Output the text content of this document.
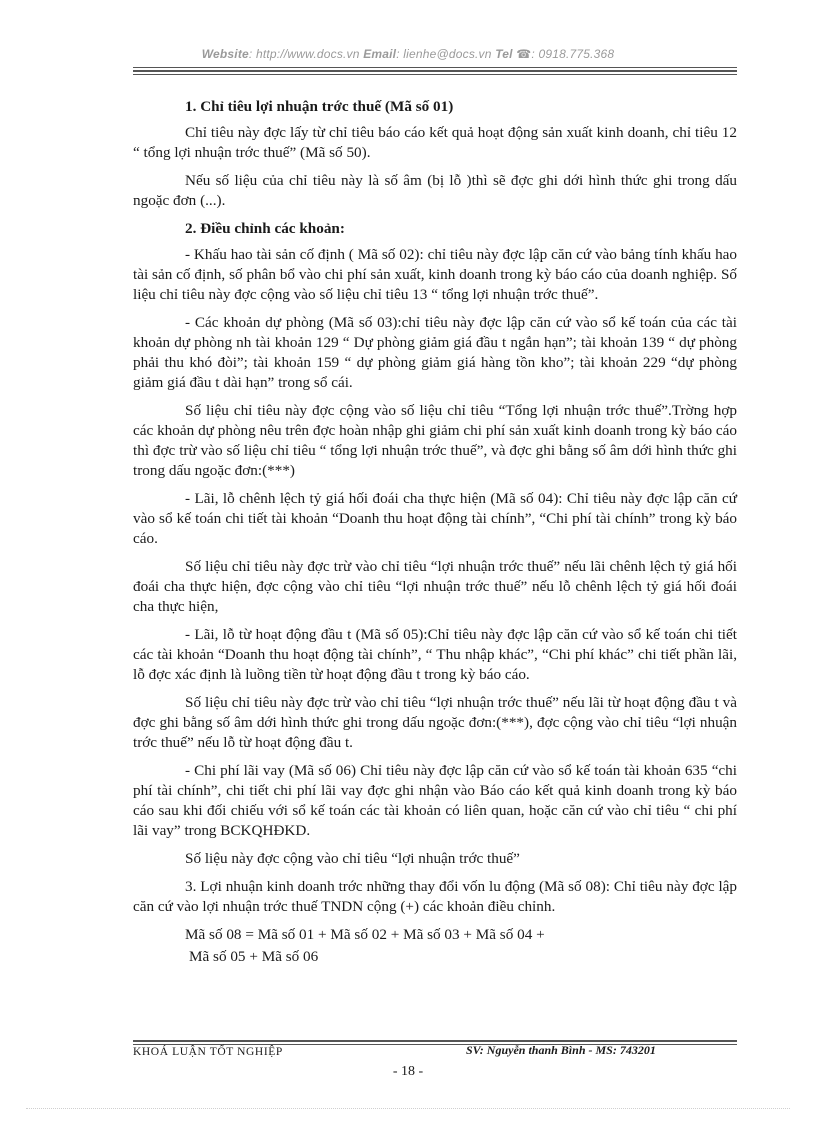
Website: http://www.docs.vn Email: lienhe@docs.vn Tel ☎: 0918.775.368

1. Chỉ tiêu lợi nhuận trớc thuế (Mã số 01)

Chỉ tiêu này đợc lấy từ chỉ tiêu báo cáo kết quả hoạt động sản xuất kinh doanh, chỉ tiêu 12 “ tổng lợi nhuận trớc thuế” (Mã số 50).

Nếu số liệu của chỉ tiêu này là số âm (bị lỗ )thì sẽ đợc ghi dới hình thức ghi trong dấu ngoặc đơn (...).

2. Điều chỉnh các khoản:

- Khấu hao tài sản cố định ( Mã số 02): chỉ tiêu này đợc lập căn cứ vào bảng tính khấu hao tài sản cố định, số phân bổ vào chi phí sản xuất, kinh doanh trong kỳ báo cáo của doanh nghiệp. Số liệu chỉ tiêu này đợc cộng vào số liệu chỉ tiêu 13 “ tổng lợi nhuận trớc thuế”.

- Các khoản dự phòng (Mã số 03):chỉ tiêu này đợc lập căn cứ vào sổ kế toán của các tài khoản dự phòng nh tài khoản 129 “ Dự phòng giảm giá đầu t ngắn hạn”; tài khoản 139 “ dự phòng phải thu khó đòi”; tài khoản 159 “ dự phòng giảm giá hàng tồn kho”; tài khoản 229 “dự phòng giảm giá đầu t dài hạn” trong sổ cái.

Số liệu chỉ tiêu này đợc cộng vào số liệu chỉ tiêu “Tổng lợi nhuận trớc thuế”.Trờng hợp các khoản dự phòng nêu trên đợc hoàn nhập ghi giảm chi phí sản xuất kinh doanh trong kỳ báo cáo thì đợc trừ vào số liệu chỉ tiêu “ tổng lợi nhuận trớc thuế”, và đợc ghi bằng số âm dới hình thức ghi trong dấu ngoặc đơn:(***)

- Lãi, lỗ chênh lệch tỷ giá hối đoái cha thực hiện (Mã số 04): Chỉ tiêu này đợc lập căn cứ vào sổ kế toán chi tiết tài khoản “Doanh thu hoạt động tài chính”, “Chi phí tài chính” trong kỳ báo cáo.

Số liệu chỉ tiêu này đợc trừ vào chỉ tiêu “lợi nhuận trớc thuế” nếu lãi chênh lệch tỷ giá hối đoái cha thực hiện, đợc cộng vào chỉ tiêu “lợi nhuận trớc thuế” nếu lỗ chênh lệch tỷ giá hối đoái cha thực hiện,

- Lãi, lỗ từ hoạt động đầu t (Mã số 05):Chỉ tiêu này đợc lập căn cứ vào sổ kế toán chi tiết các tài khoản “Doanh thu hoạt động tài chính”, “ Thu nhập khác”, “Chi phí khác” chi tiết phần lãi, lỗ đợc xác định là luồng tiền từ hoạt động đầu t trong kỳ báo cáo.

Số liệu chỉ tiêu này đợc trừ vào chỉ tiêu “lợi nhuận trớc thuế” nếu lãi từ hoạt động đầu t và đợc ghi bằng số âm dới hình thức ghi trong dấu ngoặc đơn:(***), đợc cộng vào chỉ tiêu “lợi nhuận trớc thuế” nếu lỗ từ hoạt động đầu t.

- Chi phí lãi vay (Mã số 06) Chỉ tiêu này đợc lập căn cứ vào sổ kế toán tài khoản 635 “chi phí tài chính”, chi tiết chi phí lãi vay đợc ghi nhận vào Báo cáo kết quả kinh doanh trong kỳ báo cáo sau khi đối chiếu với sổ kế toán các tài khoản có liên quan, hoặc căn cứ vào chỉ tiêu “ chi phí lãi vay” trong BCKQHĐKD.

Số liệu này đợc cộng vào chỉ tiêu “lợi nhuận trớc thuế”

3. Lợi nhuận kinh doanh trớc những thay đổi vốn lu động (Mã số 08): Chỉ tiêu này đợc lập căn cứ vào lợi nhuận trớc thuế TNDN cộng (+) các khoản điều chỉnh.

Mã số 08 = Mã số 01 + Mã số 02 + Mã số 03 + Mã số 04 +

Mã số 05 + Mã số 06

KHOÁ LUẬN TỐT NGHIỆP	SV: Nguyễn thanh Bình - MS: 743201
- 18 -
